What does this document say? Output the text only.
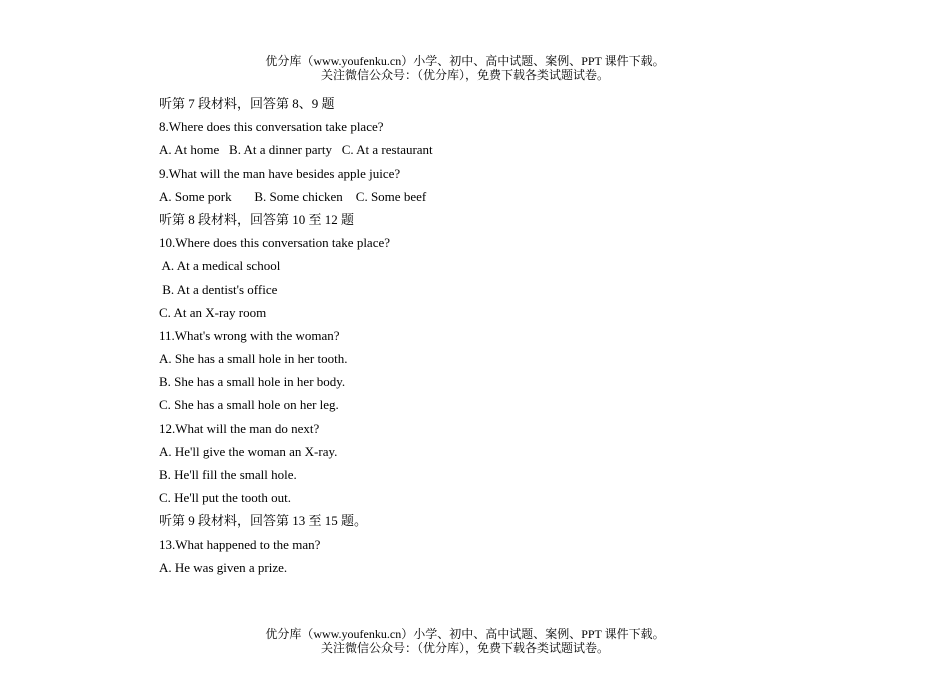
优分库（www.youfenku.cn）小学、初中、高中试题、案例、PPT 课件下载。
关注微信公众号：（优分库），免费下载各类试题试卷。
听第 7 段材料，回答第 8、9 题
8.Where does this conversation take place?
A. At home   B. At a dinner party   C. At a restaurant
9.What will the man have besides apple juice?
A. Some pork       B. Some chicken    C. Some beef
听第 8 段材料，回答第 10 至 12 题
10.Where does this conversation take place?
A. At a medical school
B. At a dentist's office
C. At an X-ray room
11.What's wrong with the woman?
A. She has a small hole in her tooth.
B. She has a small hole in her body.
C. She has a small hole on her leg.
12.What will the man do next?
A. He'll give the woman an X-ray.
B. He'll fill the small hole.
C. He'll put the tooth out.
听第 9 段材料，回答第 13 至 15 题。
13.What happened to the man?
A. He was given a prize.
优分库（www.youfenku.cn）小学、初中、高中试题、案例、PPT 课件下载。
关注微信公众号：（优分库），免费下载各类试题试卷。
